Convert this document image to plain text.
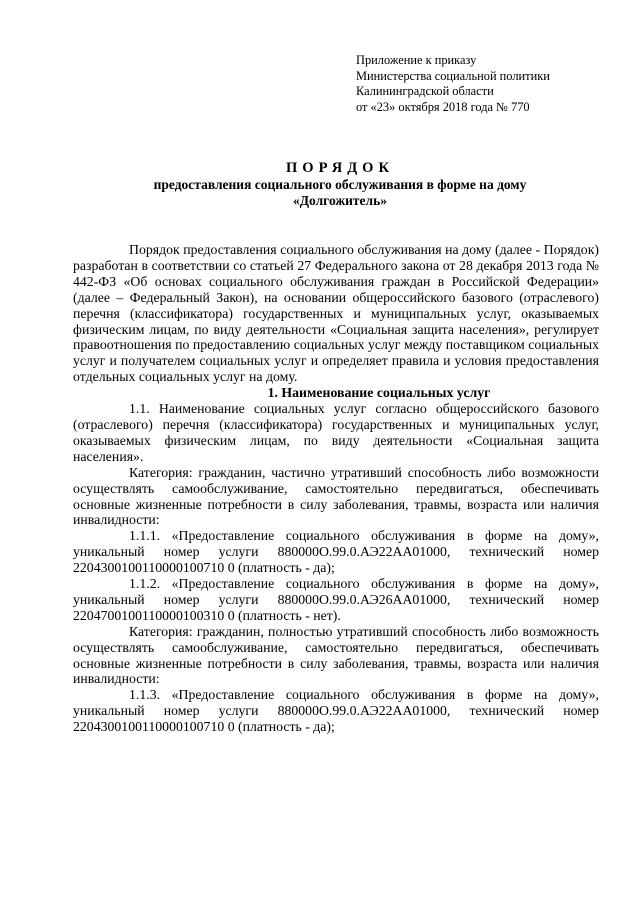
Приложение к приказу
Министерства социальной политики
Калининградской области
от «23» октября 2018 года № 770
ПОРЯДОК
предоставления социального обслуживания в форме на дому
«Долгожитель»

Порядок предоставления социального обслуживания на дому (далее - Порядок) разработан в соответствии со статьей 27 Федерального закона от 28 декабря 2013 года № 442-ФЗ «Об основах социального обслуживания граждан в Российской Федерации» (далее – Федеральный Закон), на основании общероссийского базового (отраслевого) перечня (классификатора) государственных и муниципальных услуг, оказываемых физическим лицам, по виду деятельности «Социальная защита населения», регулирует правоотношения по предоставлению социальных услуг между поставщиком социальных услуг и получателем социальных услуг и определяет правила и условия предоставления отдельных социальных услуг на дому.

1. Наименование социальных услуг

1.1. Наименование социальных услуг согласно общероссийского базового (отраслевого) перечня (классификатора) государственных и муниципальных услуг, оказываемых физическим лицам, по виду деятельности «Социальная защита населения».

Категория: гражданин, частично утративший способность либо возможности осуществлять самообслуживание, самостоятельно передвигаться, обеспечивать основные жизненные потребности в силу заболевания, травмы, возраста или наличия инвалидности:

1.1.1. «Предоставление социального обслуживания в форме на дому», уникальный номер услуги 880000О.99.0.АЭ22АА01000, технический номер 2204300100110000100710 0 (платность - да);

1.1.2. «Предоставление социального обслуживания в форме на дому», уникальный номер услуги 880000О.99.0.АЭ26АА01000, технический номер 2204700100110000100310 0 (платность - нет).

Категория: гражданин, полностью утративший способность либо возможность осуществлять самообслуживание, самостоятельно передвигаться, обеспечивать основные жизненные потребности в силу заболевания, травмы, возраста или наличия инвалидности:

1.1.3. «Предоставление социального обслуживания в форме на дому», уникальный номер услуги 880000О.99.0.АЭ22АА01000, технический номер 2204300100110000100710 0 (платность - да);
